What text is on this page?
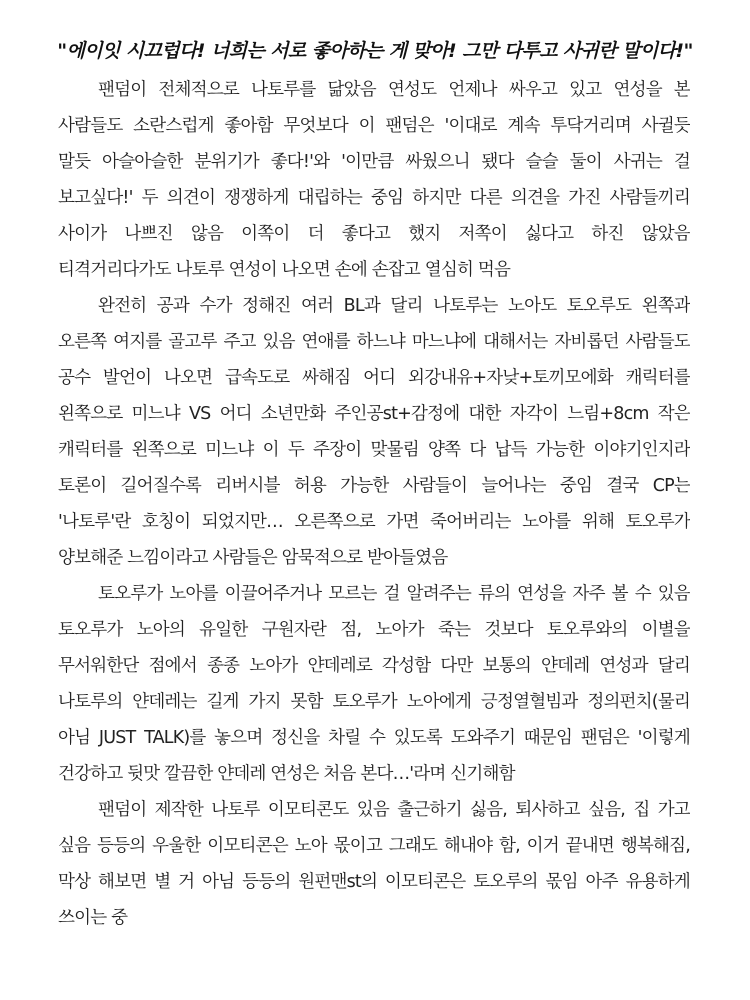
"에이잇 시끄럽다! 너희는 서로 좋아하는 게 맞아! 그만 다투고 사귀란 말이다!"
팬덤이 전체적으로 나토루를 닮았음 연성도 언제나 싸우고 있고 연성을 본
사람들도 소란스럽게 좋아함 무엇보다 이 팬덤은 '이대로 계속 투닥거리며 사귈듯
말듯 아슬아슬한 분위기가 좋다!'와 '이만큼 싸웠으니 됐다 슬슬 둘이 사귀는 걸
보고싶다!' 두 의견이 쟁쟁하게 대립하는 중임 하지만 다른 의견을 가진 사람들끼리
사이가 나쁘진 않음 이쪽이 더 좋다고 했지 저쪽이 싫다고 하진 않았음
티격거리다가도 나토루 연성이 나오면 손에 손잡고 열심히 먹음
완전히 공과 수가 정해진 여러 BL과 달리 나토루는 노아도 토오루도 왼쪽과
오른쪽 여지를 골고루 주고 있음 연애를 하느냐 마느냐에 대해서는 자비롭던 사람들도
공수 발언이 나오면 급속도로 싸해짐 어디 외강내유+자낮+토끼모에화 캐릭터를
왼쪽으로 미느냐 VS 어디 소년만화 주인공st+감정에 대한 자각이 느림+8cm 작은
캐릭터를 왼쪽으로 미느냐 이 두 주장이 맞물림 양쪽 다 납득 가능한 이야기인지라
토론이 길어질수록 리버시블 허용 가능한 사람들이 늘어나는 중임 결국 CP는
'나토루'란 호칭이 되었지만… 오른쪽으로 가면 죽어버리는 노아를 위해 토오루가
양보해준 느낌이라고 사람들은 암묵적으로 받아들였음
토오루가 노아를 이끌어주거나 모르는 걸 알려주는 류의 연성을 자주 볼 수 있음
토오루가 노아의 유일한 구원자란 점, 노아가 죽는 것보다 토오루와의 이별을
무서워한단 점에서 종종 노아가 얀데레로 각성함 다만 보통의 얀데레 연성과 달리
나토루의 얀데레는 길게 가지 못함 토오루가 노아에게 긍정열혈빔과 정의펀치(물리
아님 JUST TALK)를 놓으며 정신을 차릴 수 있도록 도와주기 때문임 팬덤은 '이렇게
건강하고 뒷맛 깔끔한 얀데레 연성은 처음 본다…'라며 신기해함
팬덤이 제작한 나토루 이모티콘도 있음 출근하기 싫음, 퇴사하고 싶음, 집 가고
싶음 등등의 우울한 이모티콘은 노아 몫이고 그래도 해내야 함, 이거 끝내면 행복해짐,
막상 해보면 별 거 아님 등등의 원펀맨st의 이모티콘은 토오루의 몫임 아주 유용하게
쓰이는 중
